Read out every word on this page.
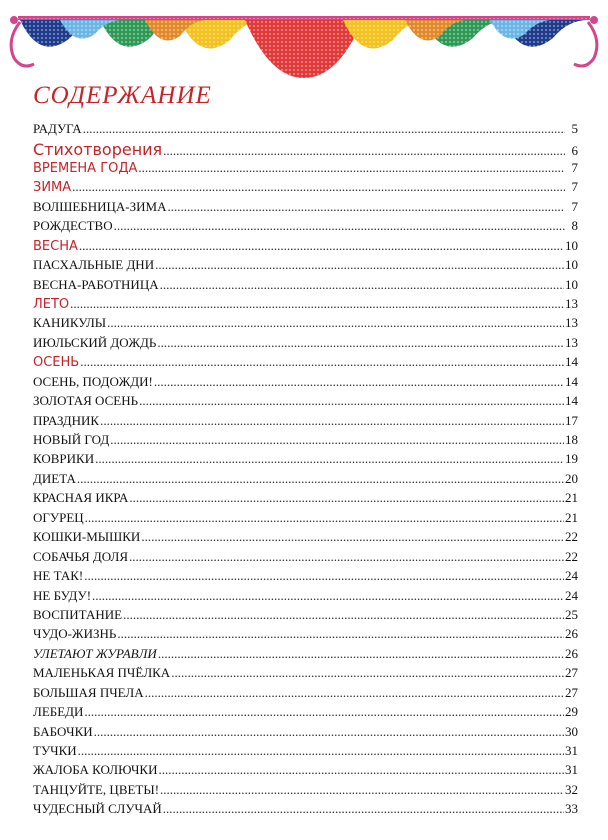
СОДЕРЖАНИЕ
РАДУГА .....	5
Стихотворения .....	6
ВРЕМЕНА ГОДА .....	7
ЗИМА .....	7
ВОЛШЕБНИЦА-ЗИМА .....	7
РОЖДЕСТВО .....	8
ВЕСНА .....	10
ПАСХАЛЬНЫЕ ДНИ .....	10
ВЕСНА-РАБОТНИЦА .....	10
ЛЕТО .....	13
КАНИКУЛЫ .....	13
ИЮЛЬСКИЙ ДОЖДЬ .....	13
ОСЕНЬ .....	14
ОСЕНЬ, ПОДОЖДИ! .....	14
ЗОЛОТАЯ ОСЕНЬ .....	14
ПРАЗДНИК .....	17
НОВЫЙ ГОД .....	18
КОВРИКИ .....	19
ДИЕТА .....	20
КРАСНАЯ ИКРА .....	21
ОГУРЕЦ .....	21
КОШКИ-МЫШКИ .....	22
СОБАЧЬЯ ДОЛЯ .....	22
НЕ ТАК! .....	24
НЕ БУДУ! .....	24
ВОСПИТАНИЕ .....	25
ЧУДО-ЖИЗНЬ .....	26
УЛЕТАЮТ ЖУРАВЛИ .....	26
МАЛЕНЬКАЯ ПЧЁЛКА .....	27
БОЛЬШАЯ ПЧЕЛА .....	27
ЛЕБЕДИ .....	29
БАБОЧКИ .....	30
ТУЧКИ .....	31
ЖАЛОБА КОЛЮЧКИ .....	31
ТАНЦУЙТЕ, ЦВЕТЫ! .....	32
ЧУДЕСНЫЙ СЛУЧАЙ .....	33
